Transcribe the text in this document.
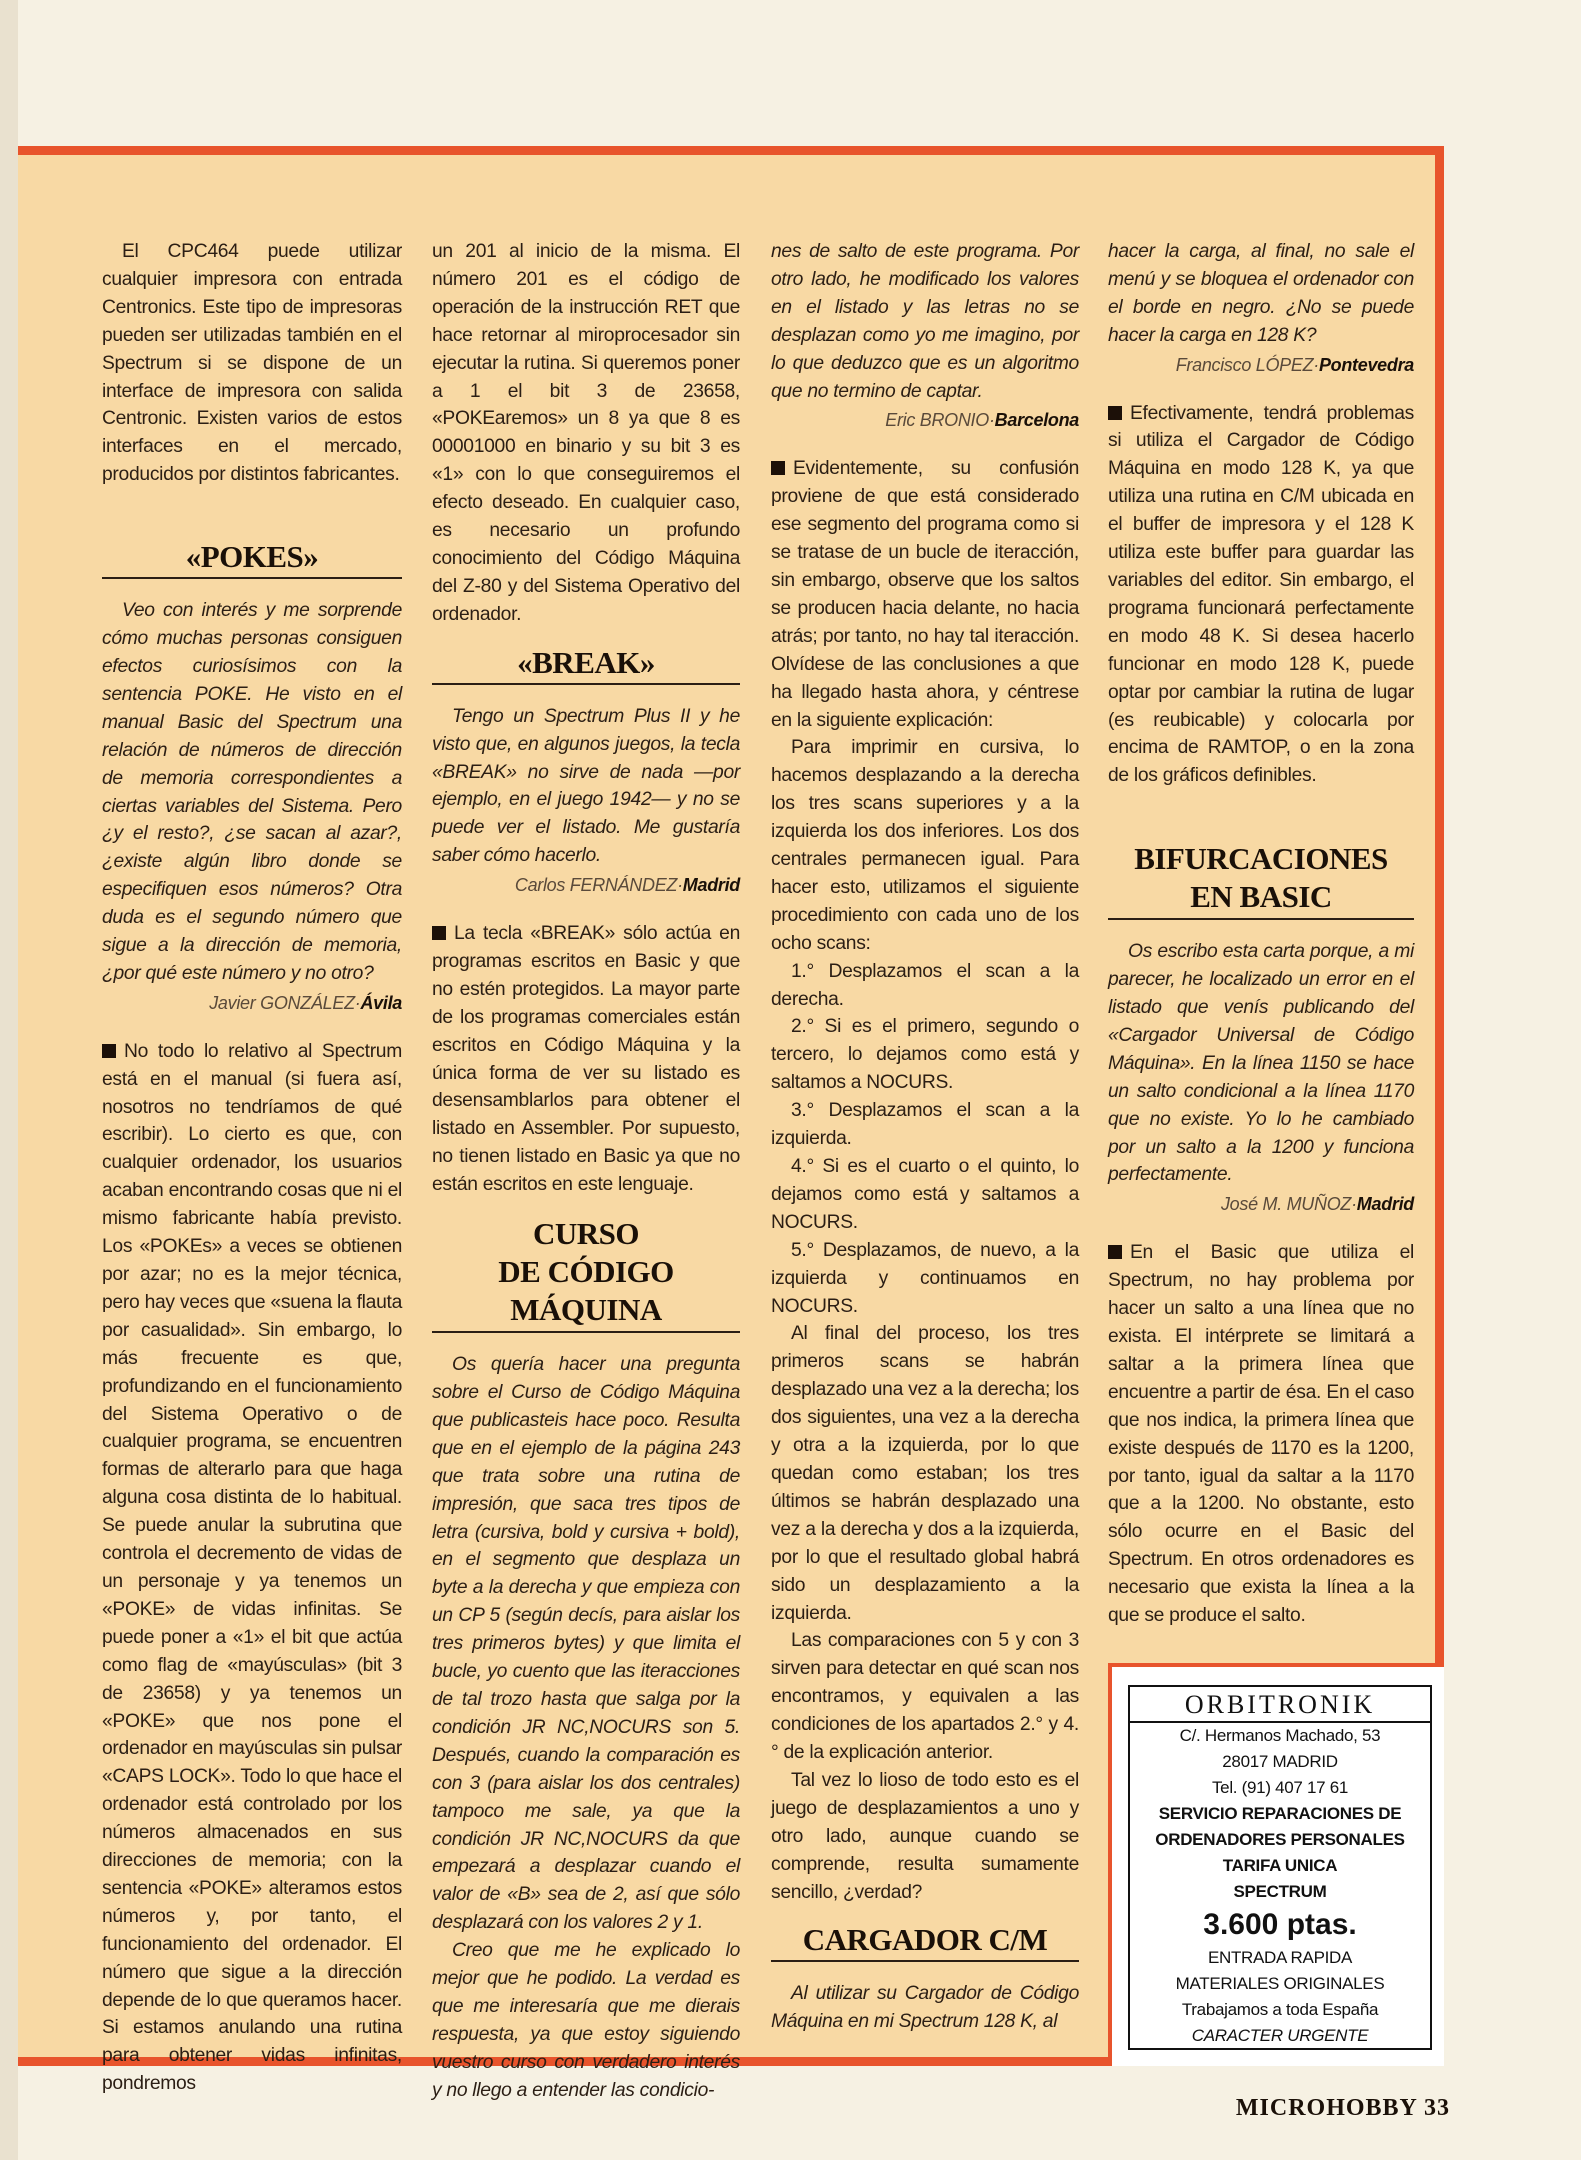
El CPC464 puede utilizar cualquier impresora con entrada Centronics. Este tipo de impresoras pueden ser utilizadas también en el Spectrum si se dispone de un interface de impresora con salida Centronic. Existen varios de estos interfaces en el mercado, producidos por distintos fabricantes.

«POKES»

Veo con interés y me sorprende cómo muchas personas consiguen efectos curiosísimos con la sentencia POKE. He visto en el manual Basic del Spectrum una relación de números de dirección de memoria correspondientes a ciertas variables del Sistema. Pero ¿y el resto?, ¿se sacan al azar?, ¿existe algún libro donde se especifiquen esos números? Otra duda es el segundo número que sigue a la dirección de memoria, ¿por qué este número y no otro?

Javier GONZÁLEZ·Ávila

No todo lo relativo al Spectrum está en el manual (si fuera así, nosotros no tendríamos de qué escribir). Lo cierto es que, con cualquier ordenador, los usuarios acaban encontrando cosas que ni el mismo fabricante había previsto. Los «POKEs» a veces se obtienen por azar; no es la mejor técnica, pero hay veces que «suena la flauta por casualidad». Sin embargo, lo más frecuente es que, profundizando en el funcionamiento del Sistema Operativo o de cualquier programa, se encuentren formas de alterarlo para que haga alguna cosa distinta de lo habitual. Se puede anular la subrutina que controla el decremento de vidas de un personaje y ya tenemos un «POKE» de vidas infinitas. Se puede poner a «1» el bit que actúa como flag de «mayúsculas» (bit 3 de 23658) y ya tenemos un «POKE» que nos pone el ordenador en mayúsculas sin pulsar «CAPS LOCK». Todo lo que hace el ordenador está controlado por los números almacenados en sus direcciones de memoria; con la sentencia «POKE» alteramos estos números y, por tanto, el funcionamiento del ordenador. El número que sigue a la dirección depende de lo que queramos hacer. Si estamos anulando una rutina para obtener vidas infinitas, pondremos

un 201 al inicio de la misma. El número 201 es el código de operación de la instrucción RET que hace retornar al miroprocesador sin ejecutar la rutina. Si queremos poner a 1 el bit 3 de 23658, «POKEaremos» un 8 ya que 8 es 00001000 en binario y su bit 3 es «1» con lo que conseguiremos el efecto deseado. En cualquier caso, es necesario un profundo conocimiento del Código Máquina del Z-80 y del Sistema Operativo del ordenador.

«BREAK»

Tengo un Spectrum Plus II y he visto que, en algunos juegos, la tecla «BREAK» no sirve de nada —por ejemplo, en el juego 1942— y no se puede ver el listado. Me gustaría saber cómo hacerlo.

Carlos FERNÁNDEZ·Madrid

La tecla «BREAK» sólo actúa en programas escritos en Basic y que no estén protegidos. La mayor parte de los programas comerciales están escritos en Código Máquina y la única forma de ver su listado es desensamblarlos para obtener el listado en Assembler. Por supuesto, no tienen listado en Basic ya que no están escritos en este lenguaje.

CURSO
DE CÓDIGO MÁQUINA

Os quería hacer una pregunta sobre el Curso de Código Máquina que publicasteis hace poco. Resulta que en el ejemplo de la página 243 que trata sobre una rutina de impresión, que saca tres tipos de letra (cursiva, bold y cursiva + bold), en el segmento que desplaza un byte a la derecha y que empieza con un CP 5 (según decís, para aislar los tres primeros bytes) y que limita el bucle, yo cuento que las iteracciones de tal trozo hasta que salga por la condición JR NC,NOCURS son 5. Después, cuando la comparación es con 3 (para aislar los dos centrales) tampoco me sale, ya que la condición JR NC,NOCURS da que empezará a desplazar cuando el valor de «B» sea de 2, así que sólo desplazará con los valores 2 y 1.

Creo que me he explicado lo mejor que he podido. La verdad es que me interesaría que me dierais respuesta, ya que estoy siguiendo vuestro curso con verdadero interés y no llego a entender las condicio-

nes de salto de este programa. Por otro lado, he modificado los valores en el listado y las letras no se desplazan como yo me imagino, por lo que deduzco que es un algoritmo que no termino de captar.

Eric BRONIO·Barcelona

Evidentemente, su confusión proviene de que está considerado ese segmento del programa como si se tratase de un bucle de iteracción, sin embargo, observe que los saltos se producen hacia delante, no hacia atrás; por tanto, no hay tal iteracción. Olvídese de las conclusiones a que ha llegado hasta ahora, y céntrese en la siguiente explicación:

Para imprimir en cursiva, lo hacemos desplazando a la derecha los tres scans superiores y a la izquierda los dos inferiores. Los dos centrales permanecen igual. Para hacer esto, utilizamos el siguiente procedimiento con cada uno de los ocho scans:

1.° Desplazamos el scan a la derecha.

2.° Si es el primero, segundo o tercero, lo dejamos como está y saltamos a NOCURS.

3.° Desplazamos el scan a la izquierda.

4.° Si es el cuarto o el quinto, lo dejamos como está y saltamos a NOCURS.

5.° Desplazamos, de nuevo, a la izquierda y continuamos en NOCURS.

Al final del proceso, los tres primeros scans se habrán desplazado una vez a la derecha; los dos siguientes, una vez a la derecha y otra a la izquierda, por lo que quedan como estaban; los tres últimos se habrán desplazado una vez a la derecha y dos a la izquierda, por lo que el resultado global habrá sido un desplazamiento a la izquierda.

Las comparaciones con 5 y con 3 sirven para detectar en qué scan nos encontramos, y equivalen a las condiciones de los apartados 2.° y 4.° de la explicación anterior.

Tal vez lo lioso de todo esto es el juego de desplazamientos a uno y otro lado, aunque cuando se comprende, resulta sumamente sencillo, ¿verdad?

CARGADOR C/M

Al utilizar su Cargador de Código Máquina en mi Spectrum 128 K, al

hacer la carga, al final, no sale el menú y se bloquea el ordenador con el borde en negro. ¿No se puede hacer la carga en 128 K?

Francisco LÓPEZ·Pontevedra

Efectivamente, tendrá problemas si utiliza el Cargador de Código Máquina en modo 128 K, ya que utiliza una rutina en C/M ubicada en el buffer de impresora y el 128 K utiliza este buffer para guardar las variables del editor. Sin embargo, el programa funcionará perfectamente en modo 48 K. Si desea hacerlo funcionar en modo 128 K, puede optar por cambiar la rutina de lugar (es reubicable) y colocarla por encima de RAMTOP, o en la zona de los gráficos definibles.

BIFURCACIONES
EN BASIC

Os escribo esta carta porque, a mi parecer, he localizado un error en el listado que venís publicando del «Cargador Universal de Código Máquina». En la línea 1150 se hace un salto condicional a la línea 1170 que no existe. Yo lo he cambiado por un salto a la 1200 y funciona perfectamente.

José M. MUÑOZ·Madrid

En el Basic que utiliza el Spectrum, no hay problema por hacer un salto a una línea que no exista. El intérprete se limitará a saltar a la primera línea que encuentre a partir de ésa. En el caso que nos indica, la primera línea que existe después de 1170 es la 1200, por tanto, igual da saltar a la 1170 que a la 1200. No obstante, esto sólo ocurre en el Basic del Spectrum. En otros ordenadores es necesario que exista la línea a la que se produce el salto.

ORBITRONIK
C/. Hermanos Machado, 53
28017 MADRID
Tel. (91) 407 17 61
SERVICIO REPARACIONES DE
ORDENADORES PERSONALES
TARIFA UNICA
SPECTRUM
3.600 ptas.
ENTRADA RAPIDA
MATERIALES ORIGINALES
Trabajamos a toda España
CARACTER URGENTE
MICROHOBBY 33
